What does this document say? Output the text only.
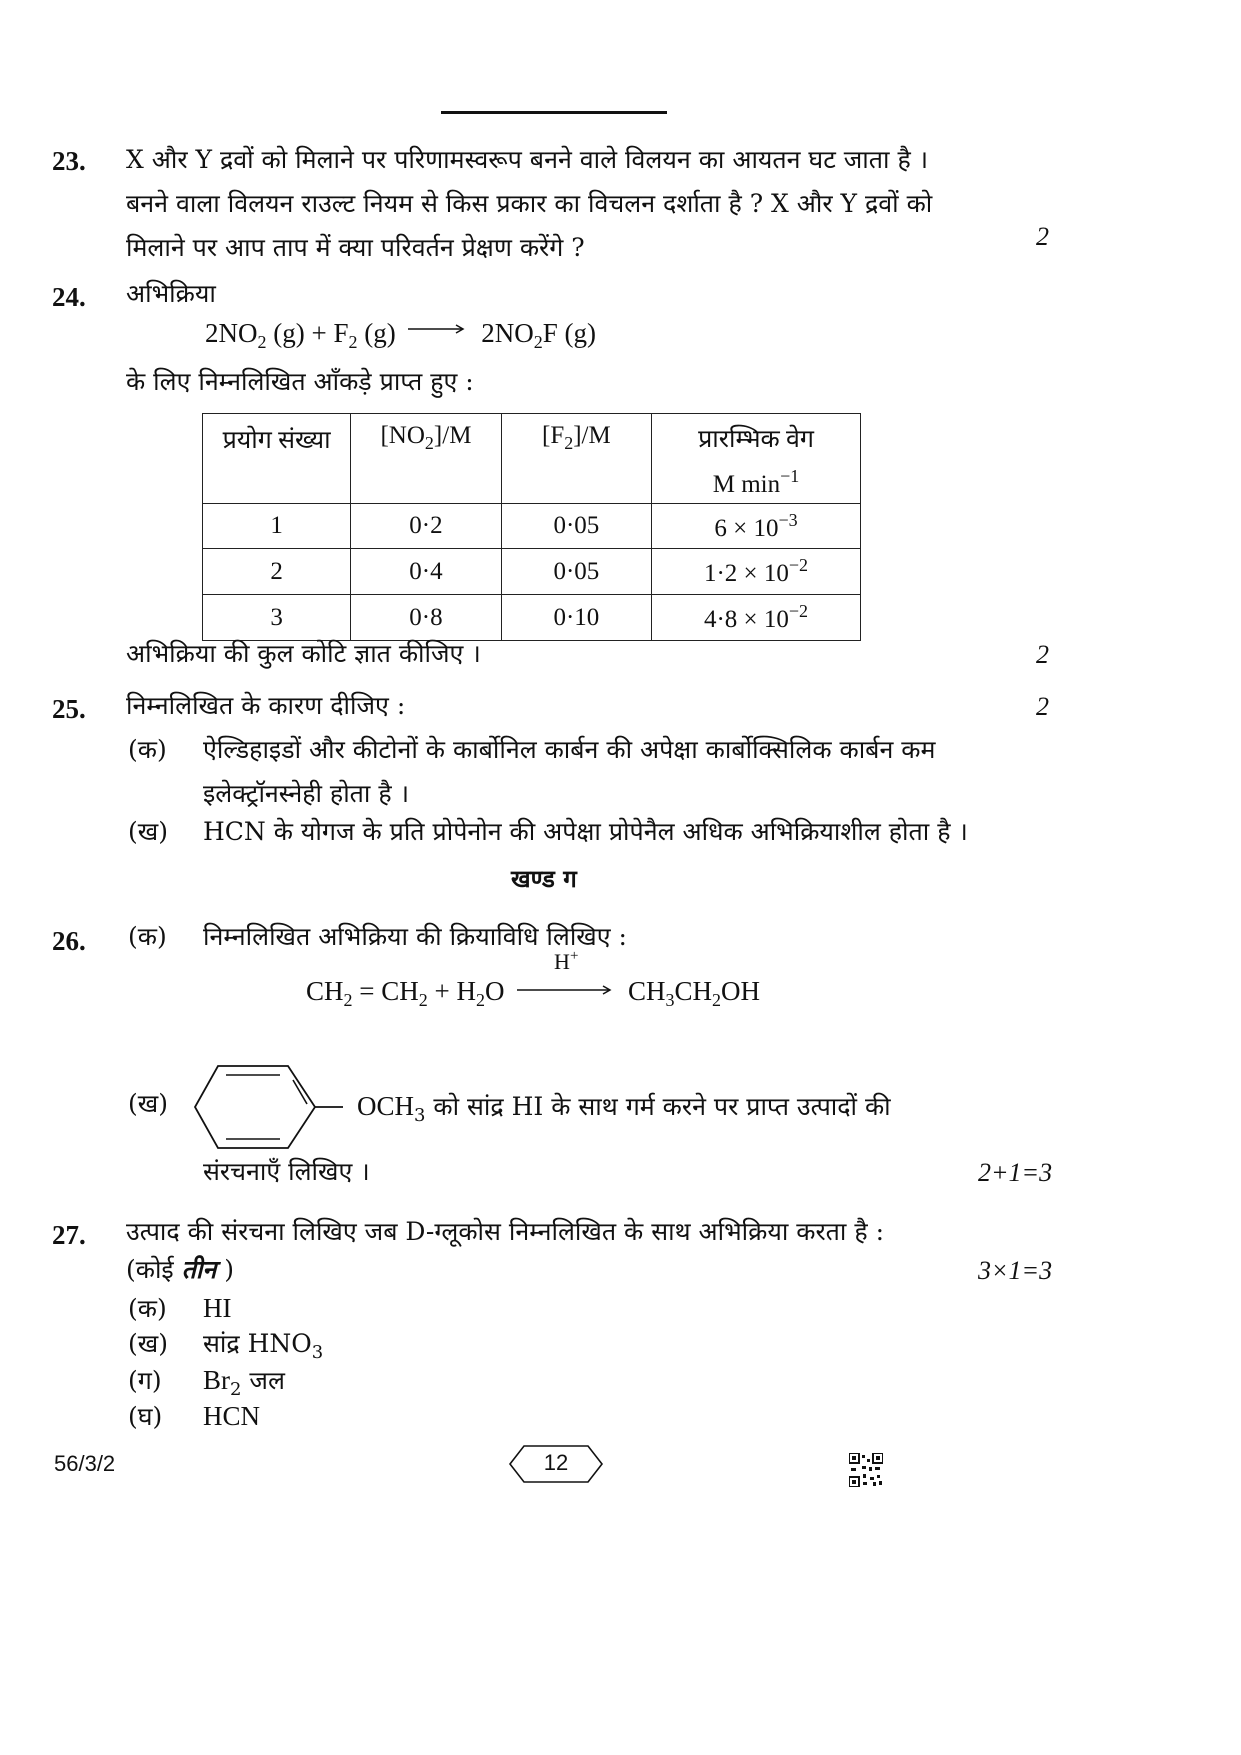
23. X और Y द्रवों को मिलाने पर परिणामस्वरूप बनने वाले विलयन का आयतन घट जाता है ।
बनने वाला विलयन राउल्ट नियम से किस प्रकार का विचलन दर्शाता है ? X और Y द्रवों को
मिलाने पर आप ताप में क्या परिवर्तन प्रेक्षण करेंगे ?	2
24. अभिक्रिया
$2NO_2$ $(g) + F_2$ $(g) \to 2NO_2F$ (g)
के लिए निम्नलिखित आँकड़े प्राप्त हुए :
प्रयोग संख्या	$[NO_2]/M$	$[F_2]/M$	प्रारम्भिक वेग
M $\min^{-1}$

1	0·2	0·05	$6 \times 10^{-3}$
2	0·4	0·05	$1\cdot 2 \times 10^{-2}$
3	0·8	0·10	$4\cdot 8 \times 10^{-2}$
अभिक्रिया की कुल कोटि ज्ञात कीजिए ।	2
25. निम्नलिखित के कारण दीजिए :	2
(क) ऐल्डिहाइडों और कीटोनों के कार्बोनिल कार्बन की अपेक्षा कार्बोक्सिलिक कार्बन कम
इलेक्ट्रॉनस्नेही होता है ।
(ख) HCN के योगज के प्रति प्रोपेनोन की अपेक्षा प्रोपेनैल अधिक अभिक्रियाशील होता है ।
खण्ड ग
26. (क) निम्नलिखित अभिक्रिया की क्रियाविधि लिखिए :
$CH_2 = CH_2 + H_2O$
H+
$CH_3CH_2OH$
(ख)	$OCH_3$ को सांद्र HI के साथ गर्म करने पर प्राप्त उत्पादों की
संरचनाएँ लिखिए ।	2+1=3
27. उत्पाद की संरचना लिखिए जब D-ग्लूकोस निम्नलिखित के साथ अभिक्रिया करता है :
(कोई तीन )	3×1=3
(क) HI
(ख) सांद्र $HNO_3$
(ग) $Br_2$ जल
(घ) HCN
56/3/2	12
